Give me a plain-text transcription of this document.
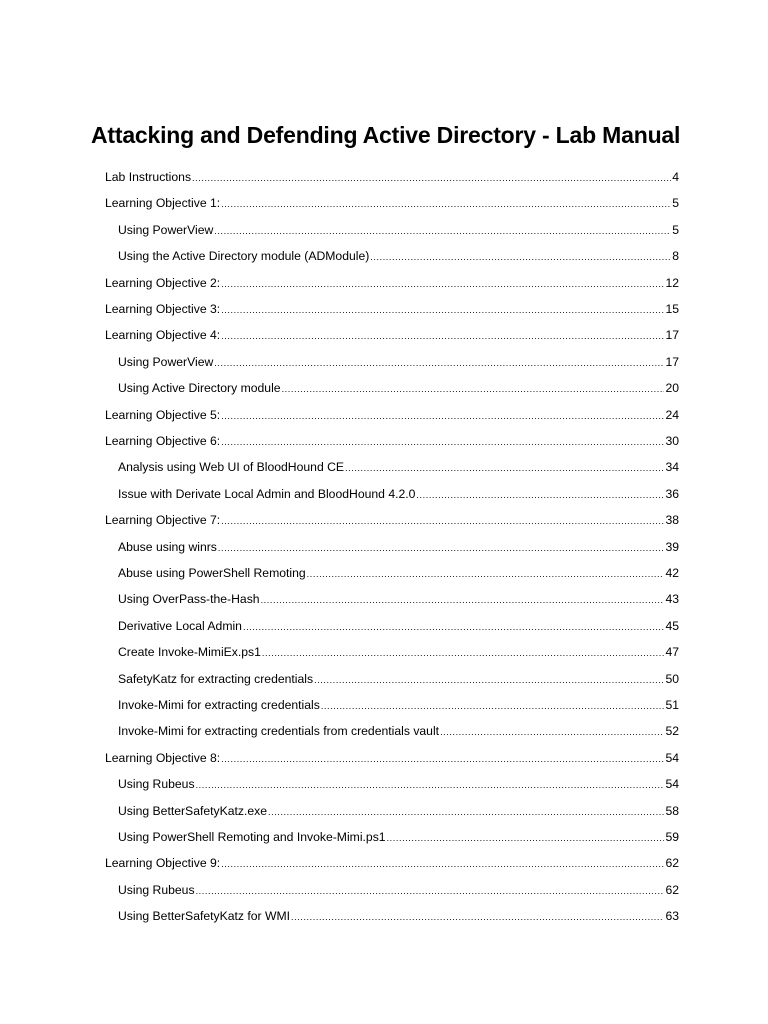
Attacking and Defending Active Directory - Lab Manual
Lab Instructions .....	4
Learning Objective 1: .....	5
Using PowerView .....	5
Using the Active Directory module (ADModule) .....	8
Learning Objective 2: .....	12
Learning Objective 3: .....	15
Learning Objective 4: .....	17
Using PowerView .....	17
Using Active Directory module .....	20
Learning Objective 5: .....	24
Learning Objective 6: .....	30
Analysis using Web UI of BloodHound CE .....	34
Issue with Derivate Local Admin and BloodHound 4.2.0 .....	36
Learning Objective 7: .....	38
Abuse using winrs .....	39
Abuse using PowerShell Remoting .....	42
Using OverPass-the-Hash .....	43
Derivative Local Admin .....	45
Create Invoke-MimiEx.ps1 .....	47
SafetyKatz for extracting credentials .....	50
Invoke-Mimi for extracting credentials .....	51
Invoke-Mimi for extracting credentials from credentials vault .....	52
Learning Objective 8: .....	54
Using Rubeus .....	54
Using BetterSafetyKatz.exe .....	58
Using PowerShell Remoting and Invoke-Mimi.ps1 .....	59
Learning Objective 9: .....	62
Using Rubeus .....	62
Using BetterSafetyKatz for WMI .....	63
